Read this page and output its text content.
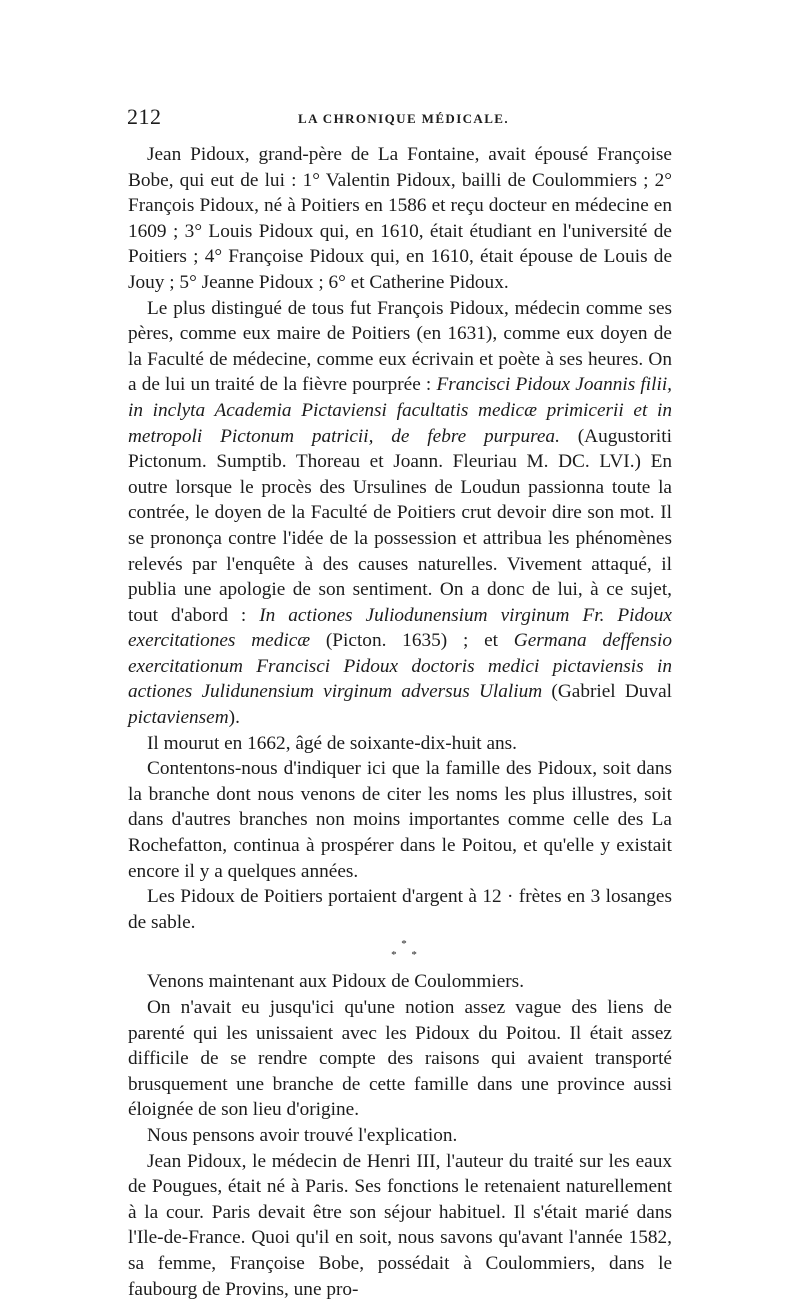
212	LA CHRONIQUE MÉDICALE.

Jean Pidoux, grand-père de La Fontaine, avait épousé Françoise Bobe, qui eut de lui : 1° Valentin Pidoux, bailli de Coulommiers ; 2° François Pidoux, né à Poitiers en 1586 et reçu docteur en médecine en 1609 ; 3° Louis Pidoux qui, en 1610, était étudiant en l'université de Poitiers ; 4° Françoise Pidoux qui, en 1610, était épouse de Louis de Jouy ; 5° Jeanne Pidoux ; 6° et Catherine Pidoux.

Le plus distingué de tous fut François Pidoux, médecin comme ses pères, comme eux maire de Poitiers (en 1631), comme eux doyen de la Faculté de médecine, comme eux écrivain et poète à ses heures. On a de lui un traité de la fièvre pourprée : Francisci Pidoux Joannis filii, in inclyta Academia Pictaviensi facultatis medicæ primicerii et in metropoli Pictonum patricii, de febre purpurea. (Augustoriti Pictonum. Sumptib. Thoreau et Joann. Fleuriau M. DC. LVI.) En outre lorsque le procès des Ursulines de Loudun passionna toute la contrée, le doyen de la Faculté de Poitiers crut devoir dire son mot. Il se prononça contre l'idée de la possession et attribua les phénomènes relevés par l'enquête à des causes naturelles. Vivement attaqué, il publia une apologie de son sentiment. On a donc de lui, à ce sujet, tout d'abord : In actiones Juliodunensium virginum Fr. Pidoux exercitationes medicæ (Picton. 1635) ; et Germana deffensio exercitationum Francisci Pidoux doctoris medici pictaviensis in actiones Julidunensium virginum adversus Ulalium (Gabriel Duval pictaviensem).

Il mourut en 1662, âgé de soixante-dix-huit ans.

Contentons-nous d'indiquer ici que la famille des Pidoux, soit dans la branche dont nous venons de citer les noms les plus illustres, soit dans d'autres branches non moins importantes comme celle des La Rochefatton, continua à prospérer dans le Poitou, et qu'elle y existait encore il y a quelques années.

Les Pidoux de Poitiers portaient d'argent à 12 · frètes en 3 losanges de sable.

*
* *

Venons maintenant aux Pidoux de Coulommiers.

On n'avait eu jusqu'ici qu'une notion assez vague des liens de parenté qui les unissaient avec les Pidoux du Poitou. Il était assez difficile de se rendre compte des raisons qui avaient transporté brusquement une branche de cette famille dans une province aussi éloignée de son lieu d'origine.

Nous pensons avoir trouvé l'explication.

Jean Pidoux, le médecin de Henri III, l'auteur du traité sur les eaux de Pougues, était né à Paris. Ses fonctions le retenaient naturellement à la cour. Paris devait être son séjour habituel. Il s'était marié dans l'Ile-de-France. Quoi qu'il en soit, nous savons qu'avant l'année 1582, sa femme, Françoise Bobe, possédait à Coulommiers, dans le faubourg de Provins, une pro-
